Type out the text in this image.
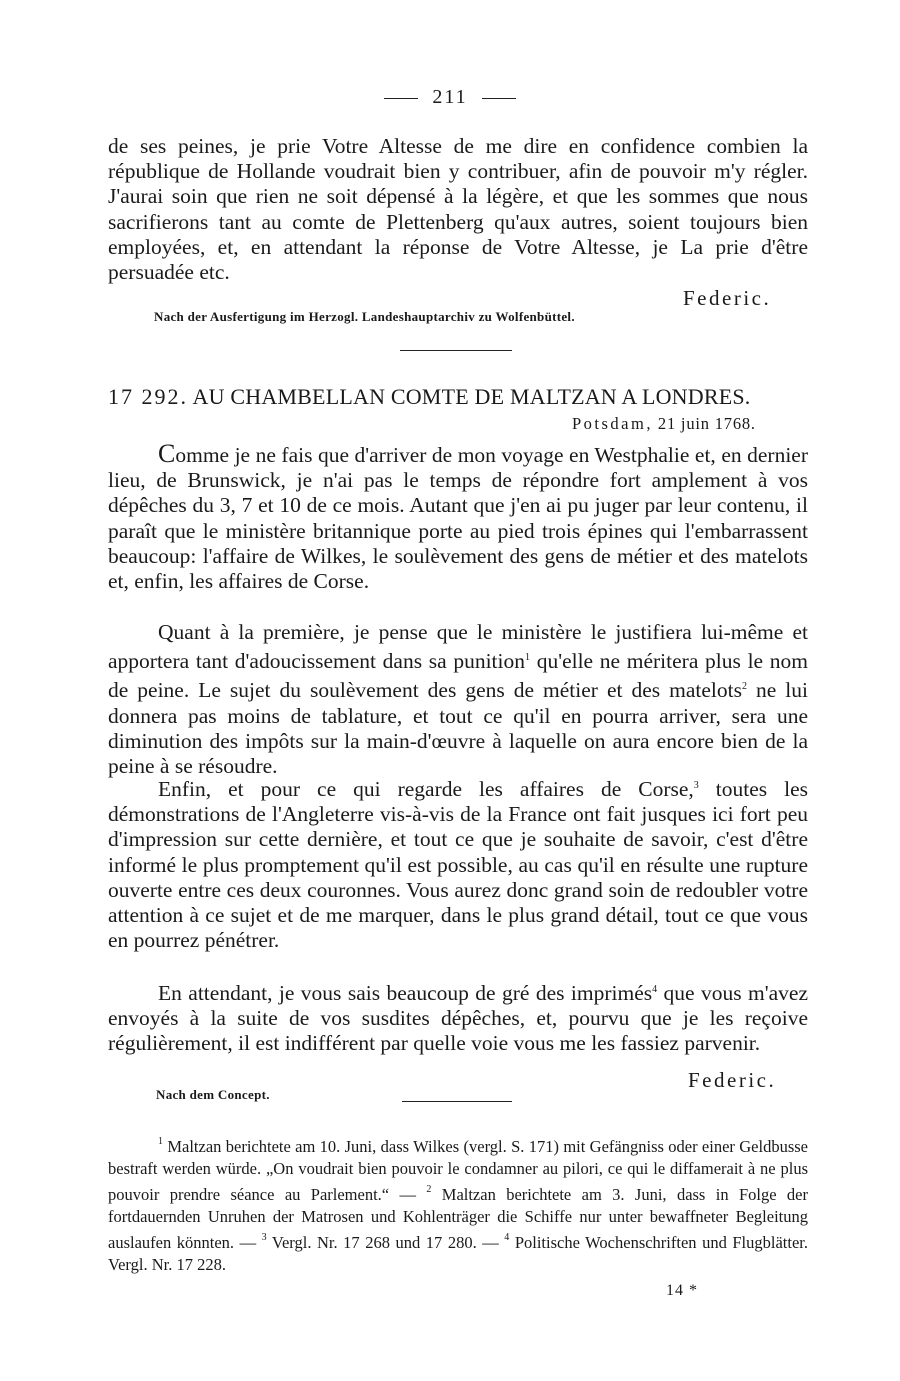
211
de ses peines, je prie Votre Altesse de me dire en confidence combien la république de Hollande voudrait bien y contribuer, afin de pouvoir m'y régler. J'aurai soin que rien ne soit dépensé à la légère, et que les sommes que nous sacrifierons tant au comte de Plettenberg qu'aux autres, soient toujours bien employées, et, en attendant la réponse de Votre Altesse, je La prie d'être persuadée etc.
Federic.
Nach der Ausfertigung im Herzogl. Landeshauptarchiv zu Wolfenbüttel.
17 292. AU CHAMBELLAN COMTE DE MALTZAN A LONDRES.
Potsdam, 21 juin 1768.
Comme je ne fais que d'arriver de mon voyage en Westphalie et, en dernier lieu, de Brunswick, je n'ai pas le temps de répondre fort amplement à vos dépêches du 3, 7 et 10 de ce mois. Autant que j'en ai pu juger par leur contenu, il paraît que le ministère britannique porte au pied trois épines qui l'embarrassent beaucoup: l'affaire de Wilkes, le soulèvement des gens de métier et des matelots et, enfin, les affaires de Corse.
Quant à la première, je pense que le ministère le justifiera lui-même et apportera tant d'adoucissement dans sa punition$^1$ qu'elle ne méritera plus le nom de peine. Le sujet du soulèvement des gens de métier et des matelots$^2$ ne lui donnera pas moins de tablature, et tout ce qu'il en pourra arriver, sera une diminution des impôts sur la main-d'œuvre à laquelle on aura encore bien de la peine à se résoudre.
Enfin, et pour ce qui regarde les affaires de Corse,$^3$ toutes les démonstrations de l'Angleterre vis-à-vis de la France ont fait jusques ici fort peu d'impression sur cette dernière, et tout ce que je souhaite de savoir, c'est d'être informé le plus promptement qu'il est possible, au cas qu'il en résulte une rupture ouverte entre ces deux couronnes. Vous aurez donc grand soin de redoubler votre attention à ce sujet et de me marquer, dans le plus grand détail, tout ce que vous en pourrez pénétrer.
En attendant, je vous sais beaucoup de gré des imprimés$^4$ que vous m'avez envoyés à la suite de vos susdites dépêches, et, pourvu que je les reçoive régulièrement, il est indifférent par quelle voie vous me les fassiez parvenir.
Federic.
Nach dem Concept.
$^1$ Maltzan berichtete am 10. Juni, dass Wilkes (vergl. S. 171) mit Gefängniss oder einer Geldbusse bestraft werden würde. „On voudrait bien pouvoir le condamner au pilori, ce qui le diffamerait à ne plus pouvoir prendre séance au Parlement.“ — $^2$ Maltzan berichtete am 3. Juni, dass in Folge der fortdauernden Unruhen der Matrosen und Kohlenträger die Schiffe nur unter bewaffneter Begleitung auslaufen könnten. — $^3$ Vergl. Nr. 17 268 und 17 280. — $^4$ Politische Wochenschriften und Flugblätter. Vergl. Nr. 17 228.
14 *
